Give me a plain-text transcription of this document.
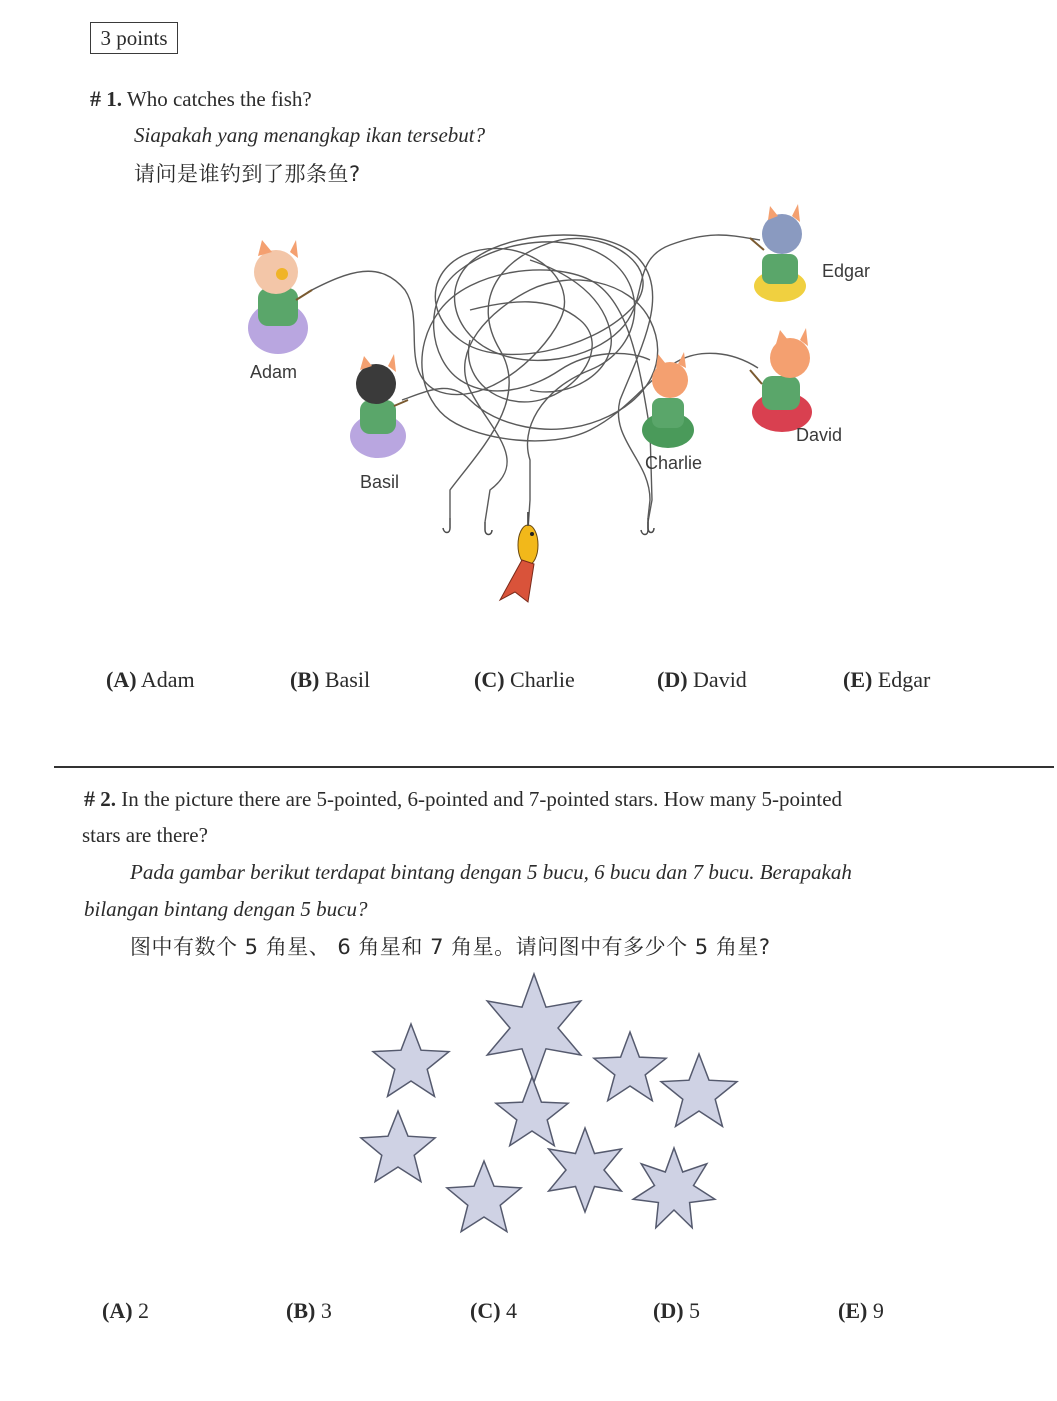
3 points
# 1. Who catches the fish?
Siapakah yang menangkap ikan tersebut?
请问是谁钓到了那条鱼?
Adam
Basil
Charlie
David
Edgar
(A) Adam	(B) Basil	(C) Charlie	(D) David	(E) Edgar
# 2. In the picture there are 5-pointed, 6-pointed and 7-pointed stars. How many 5-pointed
stars are there?
Pada gambar berikut terdapat bintang dengan 5 bucu, 6 bucu dan 7 bucu. Berapakah
bilangan bintang dengan 5 bucu?
图中有数个 5 角星、 6 角星和 7 角星。请问图中有多少个 5 角星?
(A) 2	(B) 3	(C) 4	(D) 5	(E) 9
